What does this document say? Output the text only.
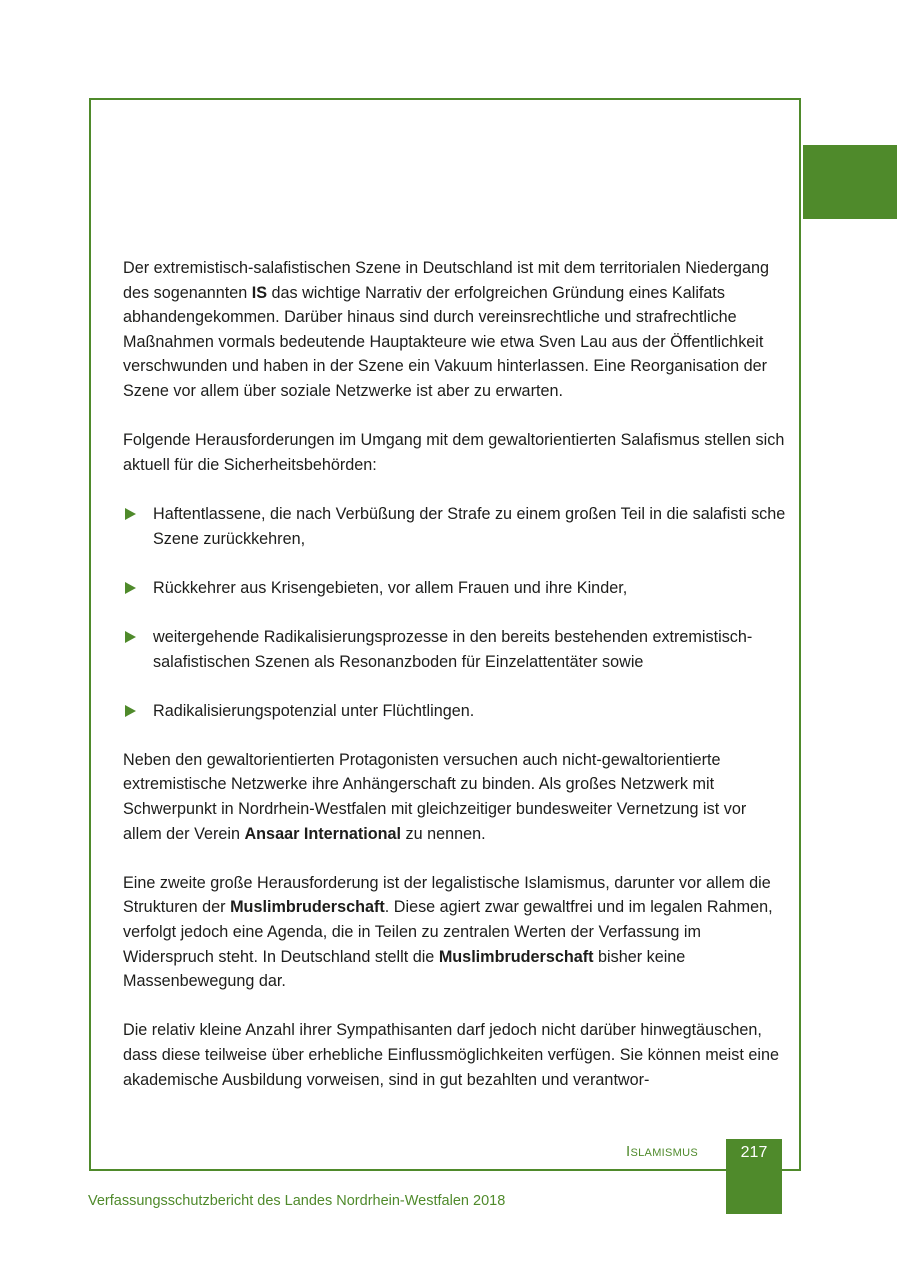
Der extremistisch-salafistischen Szene in Deutschland ist mit dem territorialen Niedergang des sogenannten IS das wichtige Narrativ der erfolgreichen Gründung eines Kalifats abhandengekommen. Darüber hinaus sind durch vereinsrechtliche und strafrechtliche Maßnahmen vormals bedeutende Hauptakteure wie etwa Sven Lau aus der Öffentlichkeit verschwunden und haben in der Szene ein Vakuum hinterlassen. Eine Reorganisation der Szene vor allem über soziale Netzwerke ist aber zu erwarten.

Folgende Herausforderungen im Umgang mit dem gewaltorientierten Salafismus stellen sich aktuell für die Sicherheitsbehörden:

Haftentlassene, die nach Verbüßung der Strafe zu einem großen Teil in die salafisti sche Szene zurückkehren,
Rückkehrer aus Krisengebieten, vor allem Frauen und ihre Kinder,
weitergehende Radikalisierungsprozesse in den bereits bestehenden extremistisch-salafistischen Szenen als Resonanzboden für Einzelattentäter sowie
Radikalisierungspotenzial unter Flüchtlingen.

Neben den gewaltorientierten Protagonisten versuchen auch nicht-gewaltorientierte extremistische Netzwerke ihre Anhängerschaft zu binden. Als großes Netzwerk mit Schwerpunkt in Nordrhein-Westfalen mit gleichzeitiger bundesweiter Vernetzung ist vor allem der Verein Ansaar International zu nennen.

Eine zweite große Herausforderung ist der legalistische Islamismus, darunter vor allem die Strukturen der Muslimbruderschaft. Diese agiert zwar gewaltfrei und im legalen Rahmen, verfolgt jedoch eine Agenda, die in Teilen zu zentralen Werten der Verfassung im Widerspruch steht. In Deutschland stellt die Muslimbruderschaft bisher keine Massenbewegung dar.

Die relativ kleine Anzahl ihrer Sympathisanten darf jedoch nicht darüber hinwegtäuschen, dass diese teilweise über erhebliche Einflussmöglichkeiten verfügen. Sie können meist eine akademische Ausbildung vorweisen, sind in gut bezahlten und verantwor-

Islamismus	217
Verfassungsschutzbericht des Landes Nordrhein-Westfalen 2018
